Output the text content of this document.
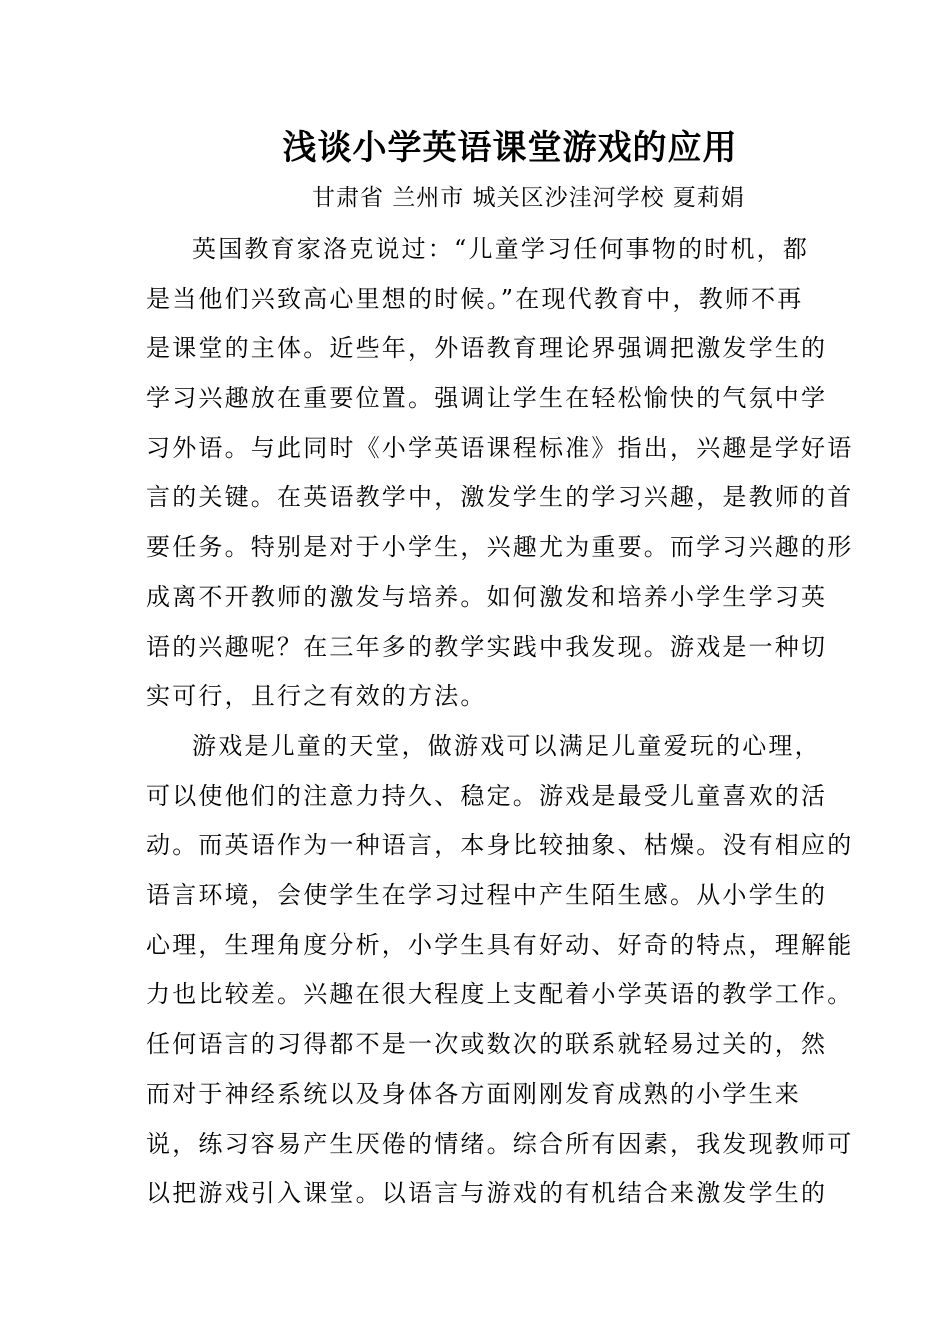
浅谈小学英语课堂游戏的应用
甘肃省 兰州市 城关区沙洼河学校 夏莉娟
英国教育家洛克说过：“儿童学习任何事物的时机，都
是当他们兴致高心里想的时候。”在现代教育中，教师不再
是课堂的主体。近些年，外语教育理论界强调把激发学生的
学习兴趣放在重要位置。强调让学生在轻松愉快的气氛中学
习外语。与此同时《小学英语课程标准》指出，兴趣是学好语
言的关键。在英语教学中，激发学生的学习兴趣，是教师的首
要任务。特别是对于小学生，兴趣尤为重要。而学习兴趣的形
成离不开教师的激发与培养。如何激发和培养小学生学习英
语的兴趣呢？在三年多的教学实践中我发现。游戏是一种切
实可行，且行之有效的方法。
游戏是儿童的天堂，做游戏可以满足儿童爱玩的心理，
可以使他们的注意力持久、稳定。游戏是最受儿童喜欢的活
动。而英语作为一种语言，本身比较抽象、枯燥。没有相应的
语言环境，会使学生在学习过程中产生陌生感。从小学生的
心理，生理角度分析，小学生具有好动、好奇的特点，理解能
力也比较差。兴趣在很大程度上支配着小学英语的教学工作。
任何语言的习得都不是一次或数次的联系就轻易过关的，然
而对于神经系统以及身体各方面刚刚发育成熟的小学生来
说，练习容易产生厌倦的情绪。综合所有因素，我发现教师可
以把游戏引入课堂。以语言与游戏的有机结合来激发学生的
